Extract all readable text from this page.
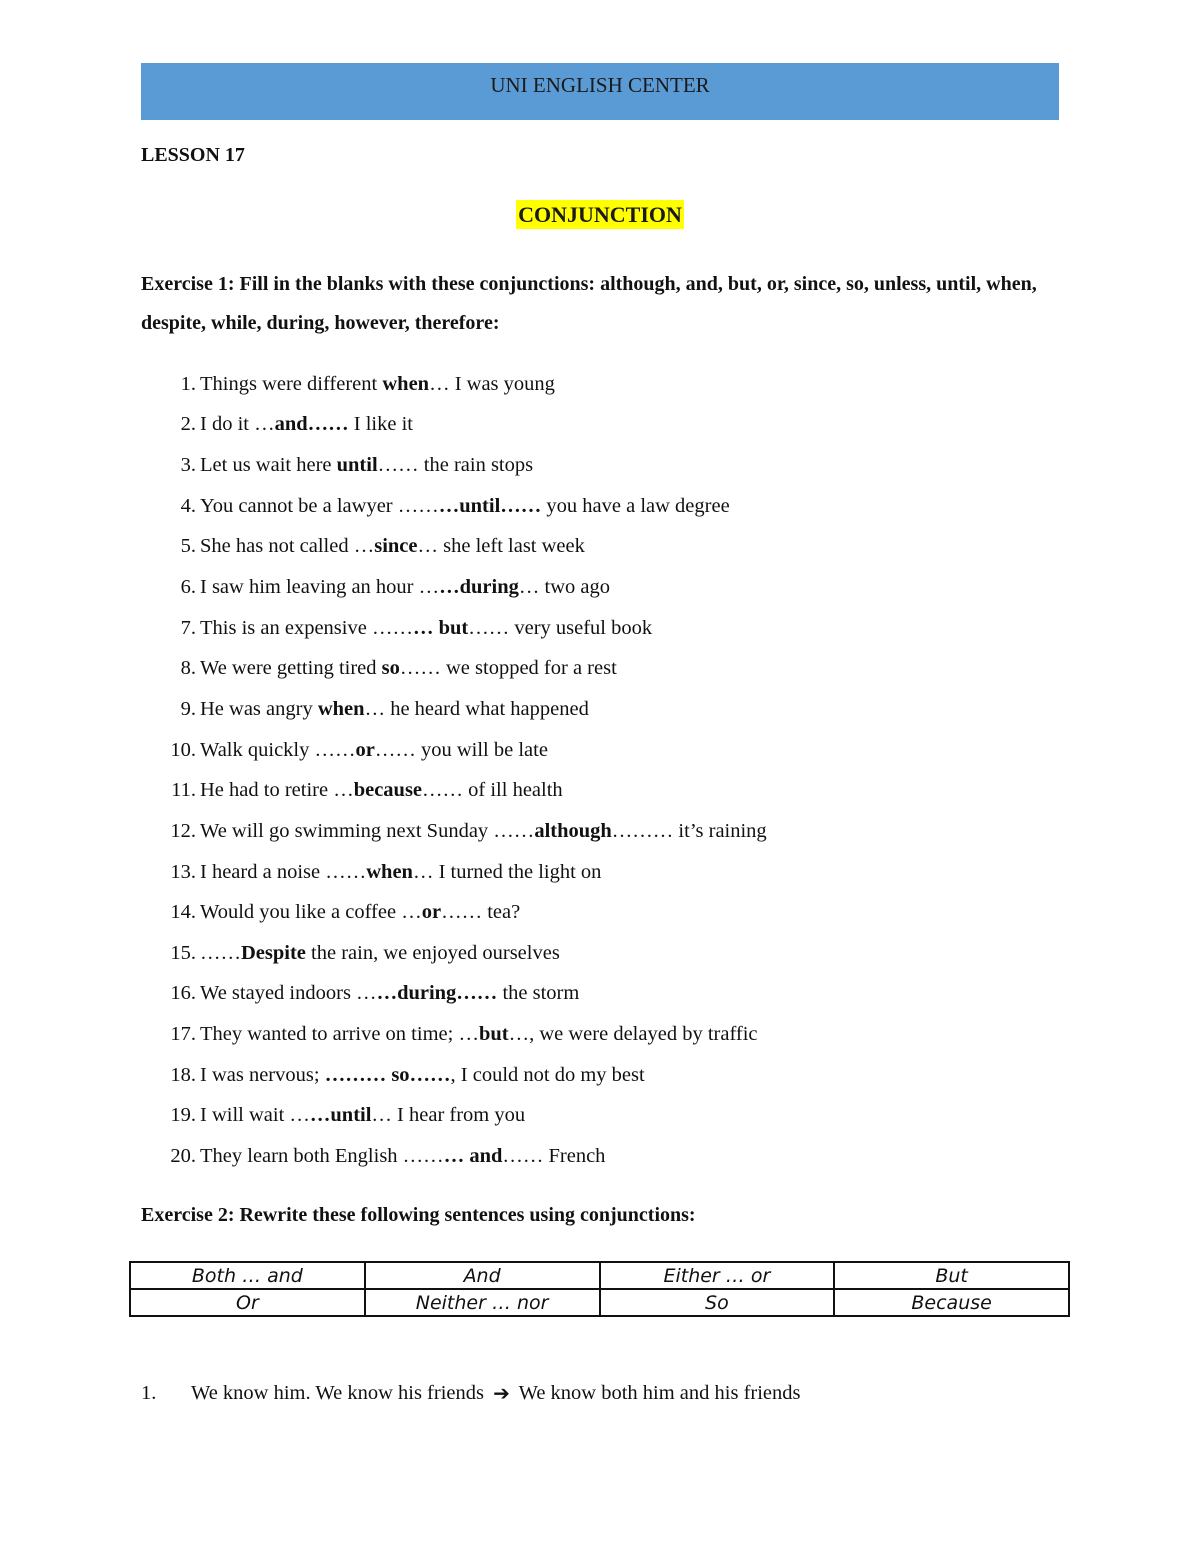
UNI ENGLISH CENTER
LESSON 17
CONJUNCTION
Exercise 1: Fill in the blanks with these conjunctions: although, and, but, or, since, so, unless, until, when, despite, while, during, however, therefore:
1. Things were different when … I was young
2. I do it … and…… I like it
3. Let us wait here until …… the rain stops
4. You cannot be a lawyer …… …until…… you have a law degree
5. She has not called … since … she left last week
6. I saw him leaving an hour … …during … two ago
7. This is an expensive …… … but …… very useful book
8. We were getting tired so …… we stopped for a rest
9. He was angry when … he heard what happened
10. Walk quickly …… or …… you will be late
11. He had to retire … because …… of ill health
12. We will go swimming next Sunday …… although ……… it’s raining
13. I heard a noise …… when … I turned the light on
14. Would you like a coffee … or …… tea?
15. …… Despite the rain, we enjoyed ourselves
16. We stayed indoors … …during…… the storm
17. They wanted to arrive on time; … but …, we were delayed by traffic
18. I was nervous; ……… so…… , I could not do my best
19. I will wait … …until … I hear from you
20. They learn both English …… … and …… French
Exercise 2: Rewrite these following sentences using conjunctions:
Both … and	And	Either … or	But
Or	Neither … nor	So	Because
1.	We know him. We know his friends ➔ We know both him and his friends
